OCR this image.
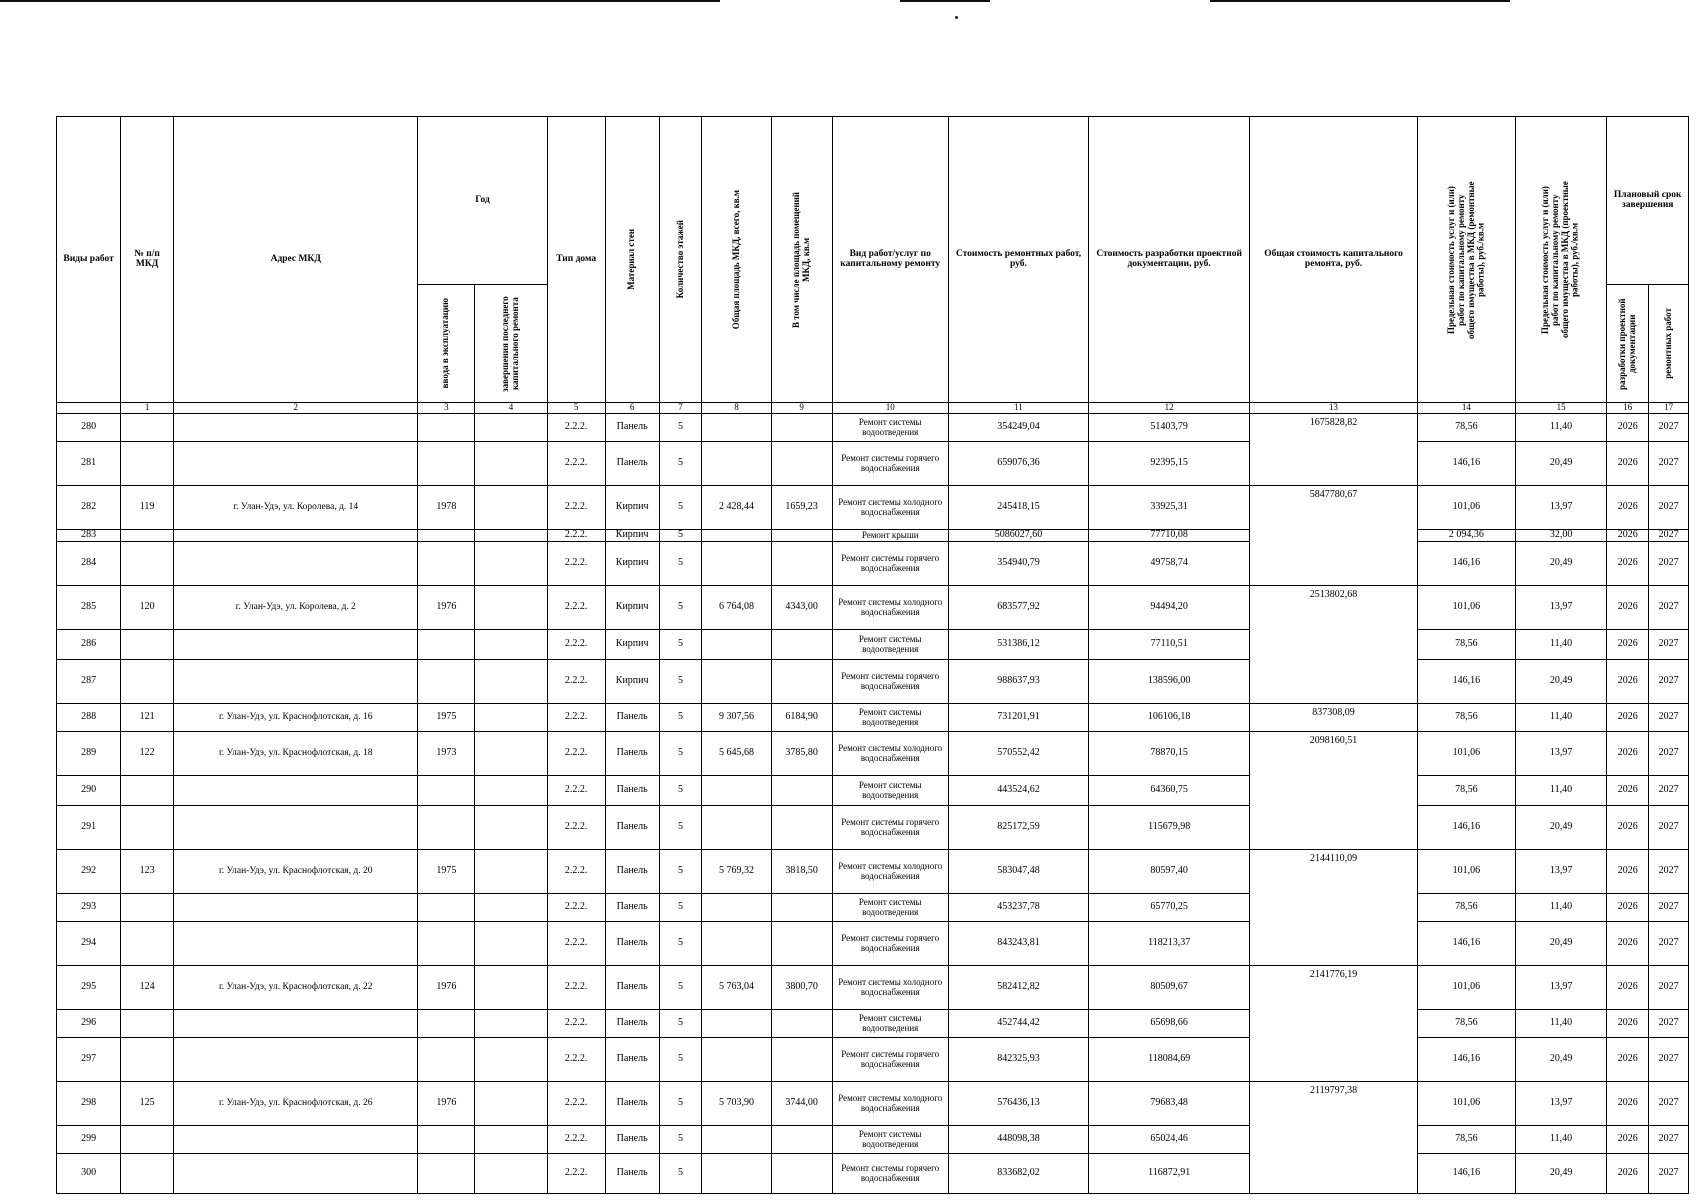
Виды работ	№ п/п МКД	Адрес МКД	Год		Тип дома	Материал стен	Количество этажей	Общая площадь МКД, всего, кв.м	В том числе площадь помещений МКД, кв.м	Вид работ/услуг по капитальному ремонту	Стоимость ремонтных работ, руб.	Стоимость разработки проектной документации, руб.	Общая стоимость капитального ремонта, руб.	Предельная стоимость услуг и (или) работ по капитальному ремонту общего имущества в МКД (ремонтные работы), руб./кв.м	Предельная стоимость услуг и (или) работ по капитальному ремонту общего имущества в МКД (проектные работы), руб./кв.м	Плановый срок завершения	

			ввода в эксплуатацию	завершения последнего капитального ремонта												разработки проектной документации	ремонтных работ

	1	2	3	4	5	6	7	8	9	10	11	12	13	14	15	16	17
280					2.2.2.	Панель	5			Ремонт системы водоотведения	354249,04	51403,79	1675828,82	78,56	11,40	2026	2027
281					2.2.2.	Панель	5			Ремонт системы горячего водоснабжения	659076,36	92395,15		146,16	20,49	2026	2027
282	119	г. Улан-Удэ, ул. Королева, д. 14	1978		2.2.2.	Кирпич	5	2 428,44	1659,23	Ремонт системы холодного водоснабжения	245418,15	33925,31	5847780,67	101,06	13,97	2026	2027
283					2.2.2.	Кирпич	5			Ремонт крыши	5086027,60	77710,08		2 094,36	32,00	2026	2027
284					2.2.2.	Кирпич	5			Ремонт системы горячего водоснабжения	354940,79	49758,74		146,16	20,49	2026	2027
285	120	г. Улан-Удэ, ул. Королева, д. 2	1976		2.2.2.	Кирпич	5	6 764,08	4343,00	Ремонт системы холодного водоснабжения	683577,92	94494,20	2513802,68	101,06	13,97	2026	2027
286					2.2.2.	Кирпич	5			Ремонт системы водоотведения	531386,12	77110,51		78,56	11,40	2026	2027
287					2.2.2.	Кирпич	5			Ремонт системы горячего водоснабжения	988637,93	138596,00		146,16	20,49	2026	2027
288	121	г. Улан-Удэ, ул. Краснофлотская, д. 16	1975		2.2.2.	Панель	5	9 307,56	6184,90	Ремонт системы водоотведения	731201,91	106106,18	837308,09	78,56	11,40	2026	2027
289	122	г. Улан-Удэ, ул. Краснофлотская, д. 18	1973		2.2.2.	Панель	5	5 645,68	3785,80	Ремонт системы холодного водоснабжения	570552,42	78870,15	2098160,51	101,06	13,97	2026	2027
290					2.2.2.	Панель	5			Ремонт системы водоотведения	443524,62	64360,75		78,56	11,40	2026	2027
291					2.2.2.	Панель	5			Ремонт системы горячего водоснабжения	825172,59	115679,98		146,16	20,49	2026	2027
292	123	г. Улан-Удэ, ул. Краснофлотская, д. 20	1975		2.2.2.	Панель	5	5 769,32	3818,50	Ремонт системы холодного водоснабжения	583047,48	80597,40	2144110,09	101,06	13,97	2026	2027
293					2.2.2.	Панель	5			Ремонт системы водоотведения	453237,78	65770,25		78,56	11,40	2026	2027
294					2.2.2.	Панель	5			Ремонт системы горячего водоснабжения	843243,81	118213,37		146,16	20,49	2026	2027
295	124	г. Улан-Удэ, ул. Краснофлотская, д. 22	1976		2.2.2.	Панель	5	5 763,04	3800,70	Ремонт системы холодного водоснабжения	582412,82	80509,67	2141776,19	101,06	13,97	2026	2027
296					2.2.2.	Панель	5			Ремонт системы водоотведения	452744,42	65698,66		78,56	11,40	2026	2027
297					2.2.2.	Панель	5			Ремонт системы горячего водоснабжения	842325,93	118084,69		146,16	20,49	2026	2027
298	125	г. Улан-Удэ, ул. Краснофлотская, д. 26	1976		2.2.2.	Панель	5	5 703,90	3744,00	Ремонт системы холодного водоснабжения	576436,13	79683,48	2119797,38	101,06	13,97	2026	2027
299					2.2.2.	Панель	5			Ремонт системы водоотведения	448098,38	65024,46		78,56	11,40	2026	2027
300					2.2.2.	Панель	5			Ремонт системы горячего водоснабжения	833682,02	116872,91		146,16	20,49	2026	2027
